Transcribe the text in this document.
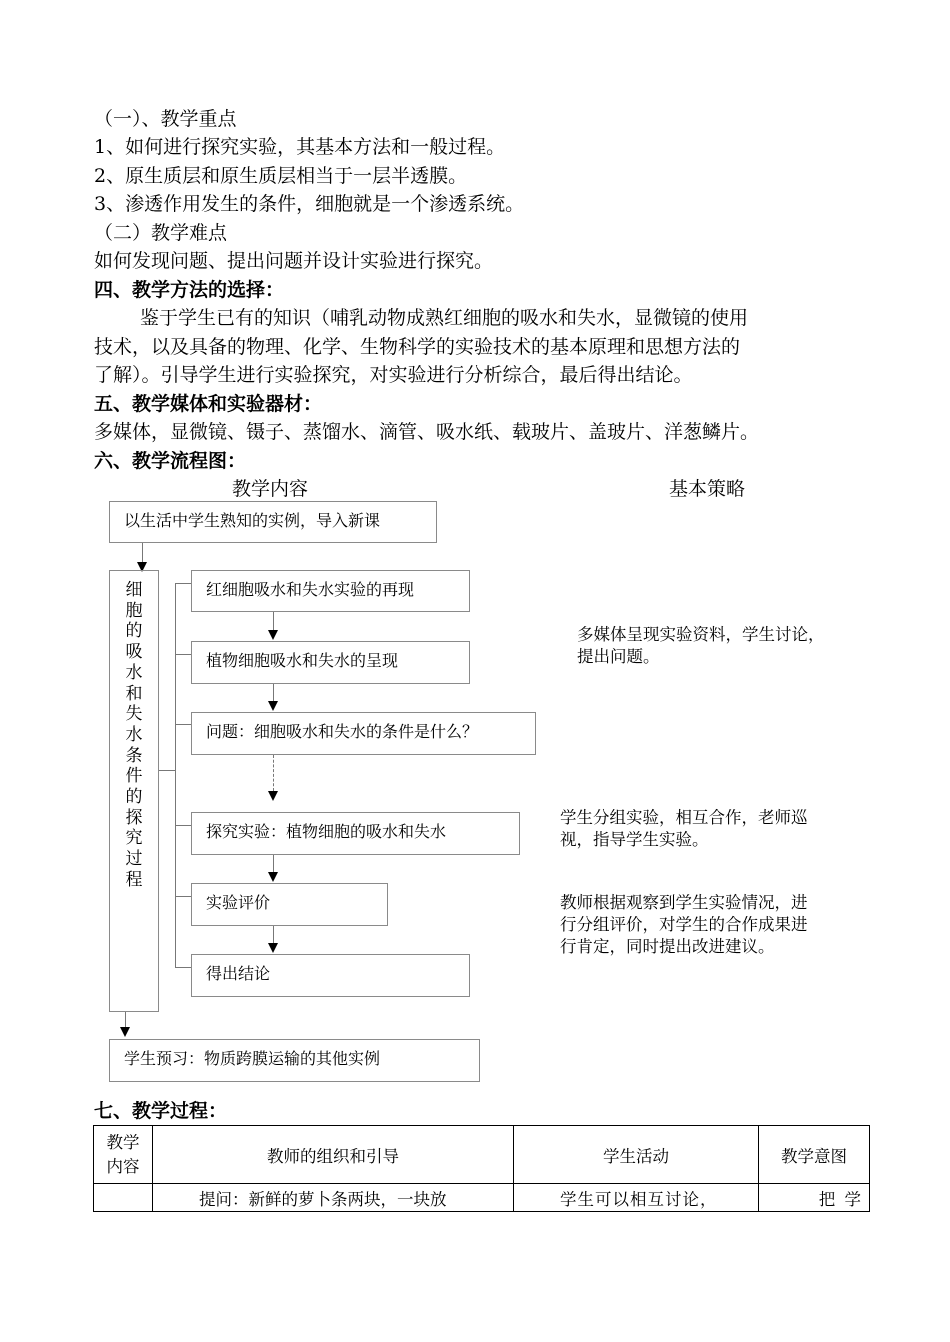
（一）、教学重点
1、如何进行探究实验，其基本方法和一般过程。
2、原生质层和原生质层相当于一层半透膜。
3、渗透作用发生的条件，细胞就是一个渗透系统。
（二）教学难点
如何发现问题、提出问题并设计实验进行探究。
四、教学方法的选择：
鉴于学生已有的知识（哺乳动物成熟红细胞的吸水和失水，显微镜的使用
技术，以及具备的物理、化学、生物科学的实验技术的基本原理和思想方法的
了解）。引导学生进行实验探究，对实验进行分析综合，最后得出结论。
五、教学媒体和实验器材：
多媒体，显微镜、镊子、蒸馏水、滴管、吸水纸、载玻片、盖玻片、洋葱鳞片。
六、教学流程图：
教学内容	基本策略
以生活中学生熟知的实例，导入新课
细
胞
的
吸
水
和
失
水
条
件
的
探
究
过
程
红细胞吸水和失水实验的再现
植物细胞吸水和失水的呈现
问题：细胞吸水和失水的条件是什么？
探究实验：植物细胞的吸水和失水
实验评价
得出结论
学生预习：物质跨膜运输的其他实例
多媒体呈现实验资料，学生讨论，
提出问题。
学生分组实验，相互合作，老师巡
视，指导学生实验。
教师根据观察到学生实验情况，进
行分组评价，对学生的合作成果进
行肯定，同时提出改进建议。
七、教学过程：
教学内容	教师的组织和引导	学生活动	教学意图
	提问：新鲜的萝卜条两块，一块放	学生可以相互讨论，	把 学
